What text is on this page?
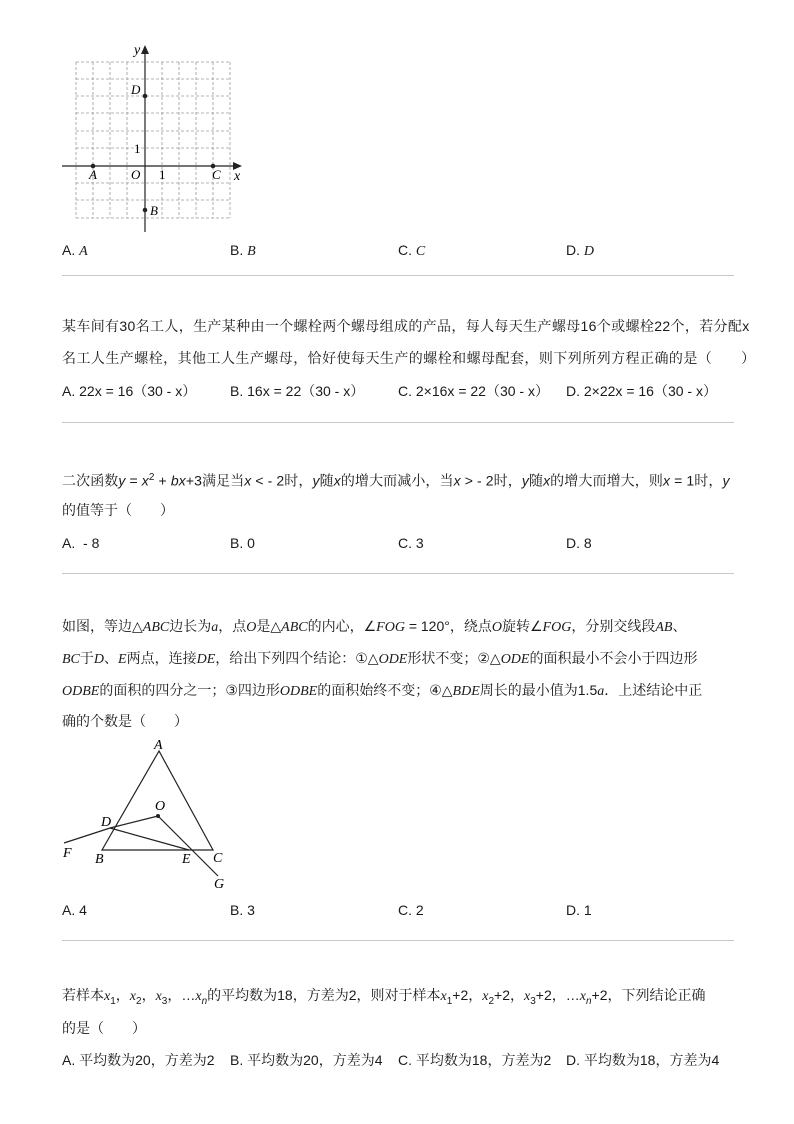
y
x
D
1
A	O 1	C
B
A. A	B. B	C. C	D. D
某车间有30名工人，生产某种由一个螺栓两个螺母组成的产品，每人每天生产螺母16个或螺栓22个，若分配x
名工人生产螺栓，其他工人生产螺母，恰好使每天生产的螺栓和螺母配套，则下列所列方程正确的是（　　）
A. 22x = 16（30 - x） B. 16x = 22（30 - x） C. 2×16x = 22（30 - x） D. 2×22x = 16（30 - x）
二次函数$y = x^2 + bx+3$满足当x < - 2时，y随x的增大而减小，当x > - 2时，y随x的增大而增大，则x = 1时，y
的值等于（　　）
A. - 8	B. 0	C. 3	D. 8
如图，等边△ABC边长为a，点O是△ABC的内心，∠FOG = 120°，绕点O旋转∠FOG，分别交线段AB、
BC于D、E两点，连接DE，给出下列四个结论：①△ODE形状不变；②△ODE的面积最小不会小于四边形
ODBE的面积的四分之一；③四边形ODBE的面积始终不变；④△BDE周长的最小值为1.5a．上述结论中正
确的个数是（　　）
A
O
D
F B	E C
G
A. 4	B. 3	C. 2	D. 1
若样本$x_1$，$x_2$，$x_3$，$\dots x_n$的平均数为18，方差为2，则对于样本$x_1+2$，$x_2+2$，$x_3+2$，$\dots x_n+2$，下列结论正确
的是（　　）
A. 平均数为20，方差为2 B. 平均数为20，方差为4 C. 平均数为18，方差为2 D. 平均数为18，方差为4
